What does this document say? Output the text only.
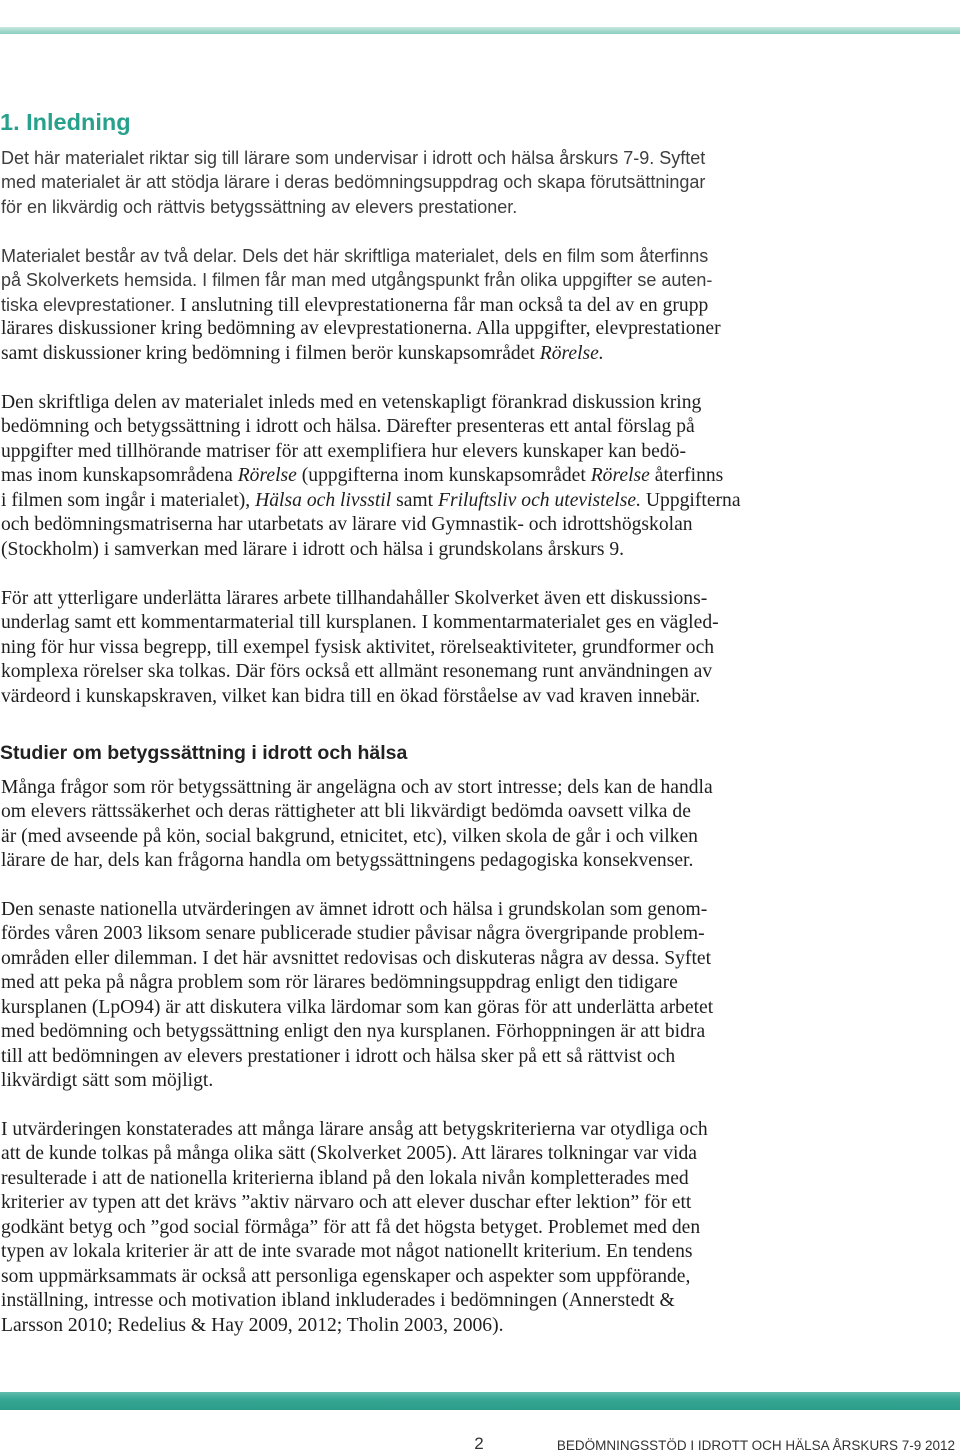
1. Inledning
Studier om betygssättning i idrott och hälsa
Det här materialet riktar sig till lärare som undervisar i idrott och hälsa årskurs 7-9. Syftet
med materialet är att stödja lärare i deras bedömningsuppdrag och skapa förutsättningar
för en likvärdig och rättvis betygssättning av elevers prestationer.
Materialet består av två delar. Dels det här skriftliga materialet, dels en film som återfinns
på Skolverkets hemsida. I filmen får man med utgångspunkt från olika uppgifter se auten-
tiska elevprestationer. I anslutning till elevprestationerna får man också ta del av en grupp
lärares diskussioner kring bedömning av elevprestationerna. Alla uppgifter, elevprestationer
samt diskussioner kring bedömning i filmen berör kunskapsområdet Rörelse.
Den skriftliga delen av materialet inleds med en vetenskapligt förankrad diskussion kring
bedömning och betygssättning i idrott och hälsa. Därefter presenteras ett antal förslag på
uppgifter med tillhörande matriser för att exemplifiera hur elevers kunskaper kan bedö-
mas inom kunskapsområdena Rörelse (uppgifterna inom kunskapsområdet Rörelse återfinns
i filmen som ingår i materialet), Hälsa och livsstil samt Friluftsliv och utevistelse. Uppgifterna
och bedömningsmatriserna har utarbetats av lärare vid Gymnastik- och idrottshögskolan
(Stockholm) i samverkan med lärare i idrott och hälsa i grundskolans årskurs 9.
För att ytterligare underlätta lärares arbete tillhandahåller Skolverket även ett diskussions-
underlag samt ett kommentarmaterial till kursplanen. I kommentarmaterialet ges en vägled-
ning för hur vissa begrepp, till exempel fysisk aktivitet, rörelseaktiviteter, grundformer och
komplexa rörelser ska tolkas. Där förs också ett allmänt resonemang runt användningen av
värdeord i kunskapskraven, vilket kan bidra till en ökad förståelse av vad kraven innebär.
Många frågor som rör betygssättning är angelägna och av stort intresse; dels kan de handla
om elevers rättssäkerhet och deras rättigheter att bli likvärdigt bedömda oavsett vilka de
är (med avseende på kön, social bakgrund, etnicitet, etc), vilken skola de går i och vilken
lärare de har, dels kan frågorna handla om betygssättningens pedagogiska konsekvenser.
Den senaste nationella utvärderingen av ämnet idrott och hälsa i grundskolan som genom-
fördes våren 2003 liksom senare publicerade studier påvisar några övergripande problem-
områden eller dilemman. I det här avsnittet redovisas och diskuteras några av dessa. Syftet
med att peka på några problem som rör lärares bedömningsuppdrag enligt den tidigare
kursplanen (LpO94) är att diskutera vilka lärdomar som kan göras för att underlätta arbetet
med bedömning och betygssättning enligt den nya kursplanen. Förhoppningen är att bidra
till att bedömningen av elevers prestationer i idrott och hälsa sker på ett så rättvist och
likvärdigt sätt som möjligt.
I utvärderingen konstaterades att många lärare ansåg att betygskriterierna var otydliga och
att de kunde tolkas på många olika sätt (Skolverket 2005). Att lärares tolkningar var vida
resulterade i att de nationella kriterierna ibland på den lokala nivån kompletterades med
kriterier av typen att det krävs ”aktiv närvaro och att elever duschar efter lektion” för ett
godkänt betyg och ”god social förmåga” för att få det högsta betyget. Problemet med den
typen av lokala kriterier är att de inte svarade mot något nationellt kriterium. En tendens
som uppmärksammats är också att personliga egenskaper och aspekter som uppförande,
inställning, intresse och motivation ibland inkluderades i bedömningen (Annerstedt &
Larsson 2010; Redelius & Hay 2009, 2012; Tholin 2003, 2006).
2	BEDÖMNINGSSTÖD I IDROTT OCH HÄLSA ÅRSKURS 7-9 2012
